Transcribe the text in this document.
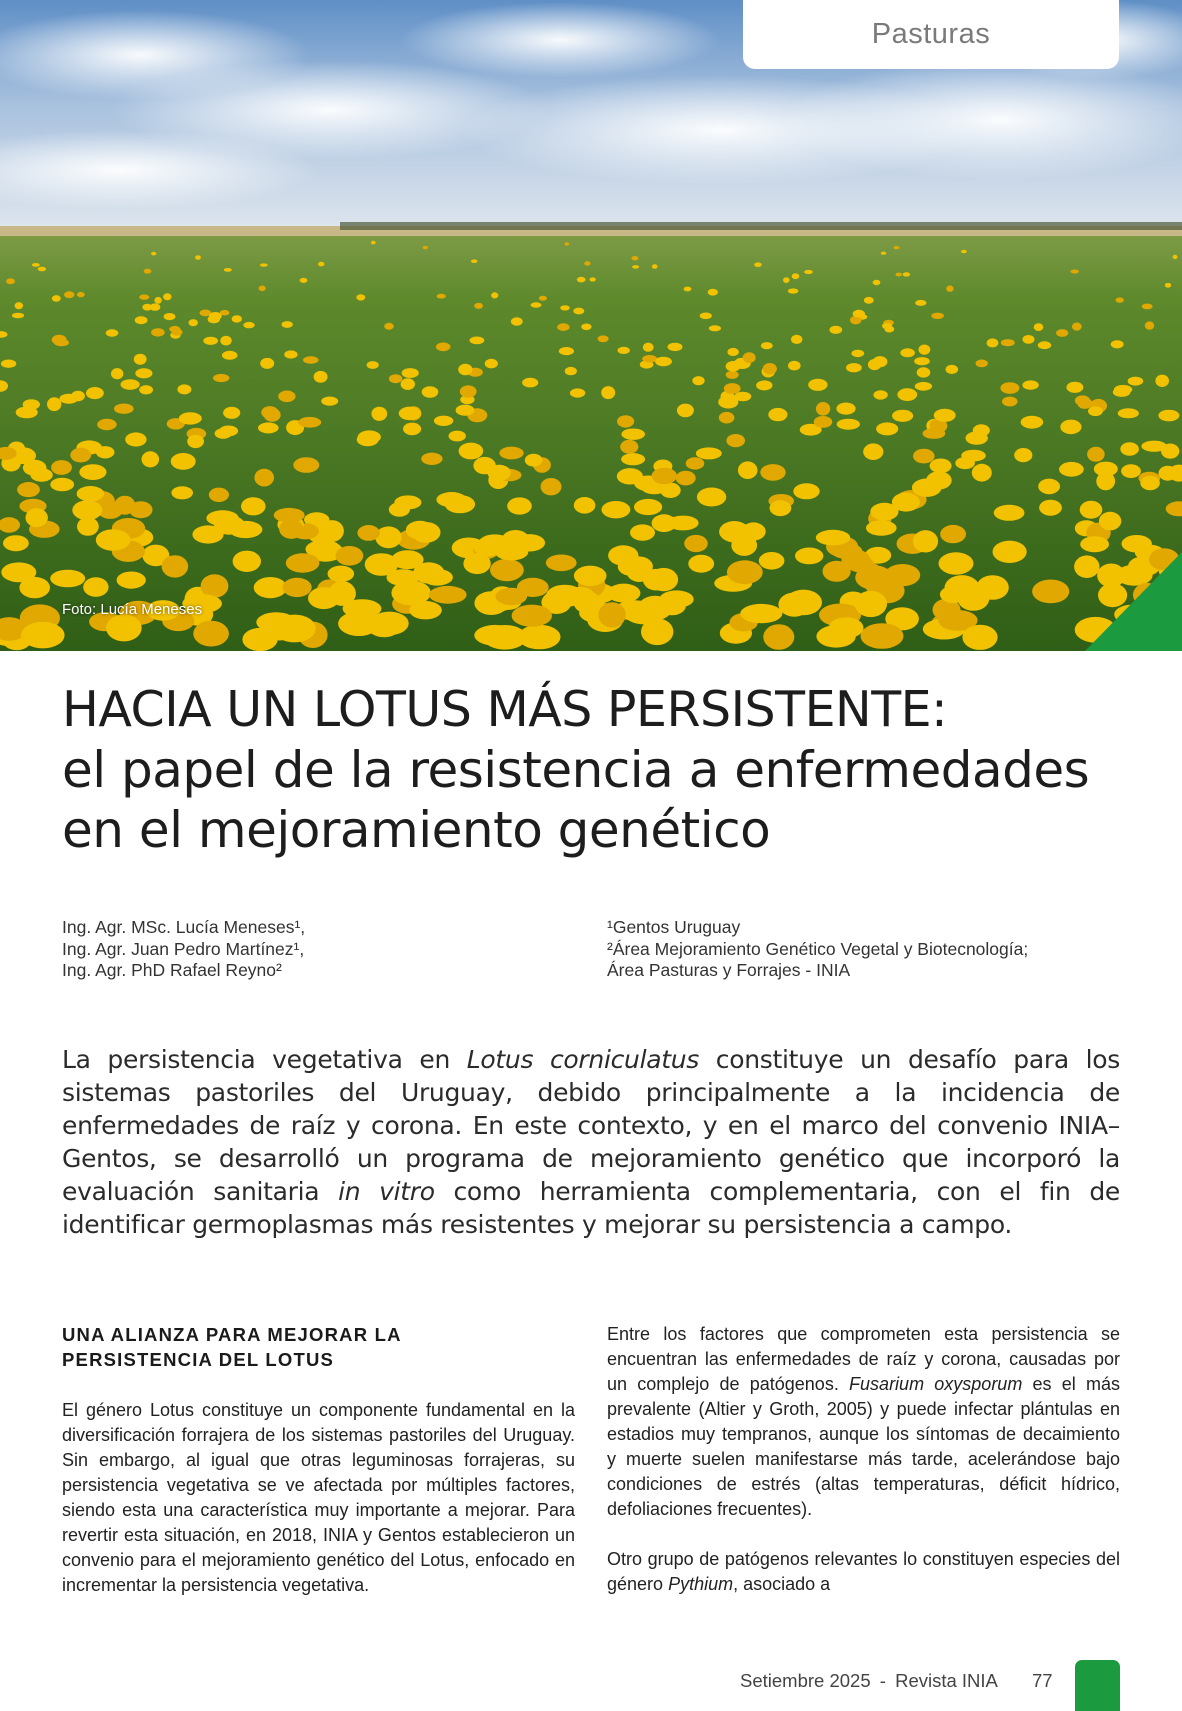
Pasturas
Foto: Lucía Meneses
HACIA UN LOTUS MÁS PERSISTENTE:
el papel de la resistencia a enfermedades
en el mejoramiento genético
Ing. Agr. MSc. Lucía Meneses¹,
Ing. Agr. Juan Pedro Martínez¹,
Ing. Agr. PhD Rafael Reyno²
¹Gentos Uruguay
²Área Mejoramiento Genético Vegetal y Biotecnología;
Área Pasturas y Forrajes - INIA

La persistencia vegetativa en Lotus corniculatus constituye un desafío para los sistemas pastoriles del Uruguay, debido principalmente a la incidencia de enfermedades de raíz y corona. En este contexto, y en el marco del convenio INIA–Gentos, se desarrolló un programa de mejoramiento genético que incorporó la evaluación sanitaria in vitro como herramienta complementaria, con el fin de identificar germoplasmas más resistentes y mejorar su persistencia a campo.

UNA ALIANZA PARA MEJORAR LA
PERSISTENCIA DEL LOTUS

El género Lotus constituye un componente fundamental en la diversificación forrajera de los sistemas pastoriles del Uruguay. Sin embargo, al igual que otras leguminosas forrajeras, su persistencia vegetativa se ve afectada por múltiples factores, siendo esta una característica muy importante a mejorar. Para revertir esta situación, en 2018, INIA y Gentos establecieron un convenio para el mejoramiento genético del Lotus, enfocado en incrementar la persistencia vegetativa.

Entre los factores que comprometen esta persistencia se encuentran las enfermedades de raíz y corona, causadas por un complejo de patógenos. Fusarium oxysporum es el más prevalente (Altier y Groth, 2005) y puede infectar plántulas en estadios muy tempranos, aunque los síntomas de decaimiento y muerte suelen manifestarse más tarde, acelerándose bajo condiciones de estrés (altas temperaturas, déficit hídrico, defoliaciones frecuentes).

Otro grupo de patógenos relevantes lo constituyen especies del género Pythium, asociado a

Setiembre 2025 - Revista INIA 77
